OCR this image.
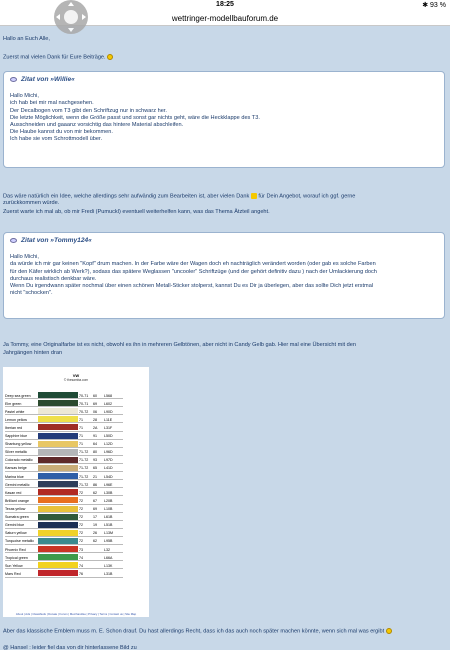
18:25	✱ 93 %
wettringer-modellbauforum.de
Hallo an Euch Alle,
Zuerst mal vielen Dank für Eure Beiträge.
Zitat von »Willie«
Hallo Michi,
ich hab bei mir mal nachgesehen.
Der Decalbogen vom T3 gibt den Schriftzug nur in schwarz her.
Die letzte Möglichkeit, wenn die Größe passt und sonst gar nichts geht, wäre die Heckklappe des T3.
Ausschneiden und gaaanz vorsichtig das hintere Material abschleifen.
Die Haube kannst du von mir bekommen.
Ich habe sie vom Schrottmodell über.
Das wäre natürlich ein Idee, welche allerdings sehr aufwändig zum Bearbeiten ist, aber vielen Dank für Dein Angebot, worauf ich ggf. gerne
zurückkommen würde.
Zuerst warte ich mal ab, ob mir Fredi (Pumuckl) eventuell weiterhelfen kann, was das Thema Ätzteil angeht.
Zitat von »Tommy124«
Hallo Michi,
da würde ich mir gar keinen "Kopf" drum machen. In der Farbe wäre der Wagen doch eh nachträglich verändert worden (oder gab es solche Farben
für den Käfer wirklich ab Werk?), sodass das spätere Weglassen "uncooler" Schriftzüge (und der gehört definitiv dazu ) nach der Umlackierung doch
durchaus realistisch denkbar wäre.
Wenn Du irgendwann später nochmal über einen schönen Metall-Sticker stolperst, kannst Du es Dir ja überlegen, aber das sollte Dich jetzt erstmal
nicht "schocken".
Ja Tommy, eine Originalfarbe ist es nicht, obwohl es ihn in mehreren Gelbtönen, aber nicht in Candy Gelb gab. Hier mal eine Übersicht mit den
Jahrgängen hinten dran
VW
© thesamba.com
Deep sea green	70-71	60	L568
Elm green	70-71	69	L602
Pastel white	70-72	06	L90D
Lemon yellow	71	28	L11E
Iberian red	71	2A	L31F
Sapphire blue	71	91	L50D
Shantung yellow	71	64	L12D
Silver metallic	71-72	80	L96D
Colorado metallic	71-72	93	L97D
Kansas beige	71-72	65	L41D
Marina blue	71-72	21	L54D
Gemini metallic	71-72	86	L96E
Kasan red	72	62	L30B
Brilliant orange	72	67	L20B
Texas yellow	72	69	L10B
Sumatra green	72	17	L61B
Gemini blue	72	19	L51B
Saturn yellow	72	26	L13M
Turquoise metallic	72	62	L95B
Phoenix Red	73	L32
Tropical green	74	L66A
Sun Yellow	74	L13K
Mars Red	76	L31B
About | Ads | Classifieds | Donate | Forum | Merchandise | Privacy | Terms | Contact us | Site Map
Aber das klassische Emblem muss m. E. Schon drauf. Du hast allerdings Recht, dass ich das auch noch später machen könnte, wenn sich mal was ergibt
@ Hansel : leider fiel das von dir hinterlassene Bild zu
